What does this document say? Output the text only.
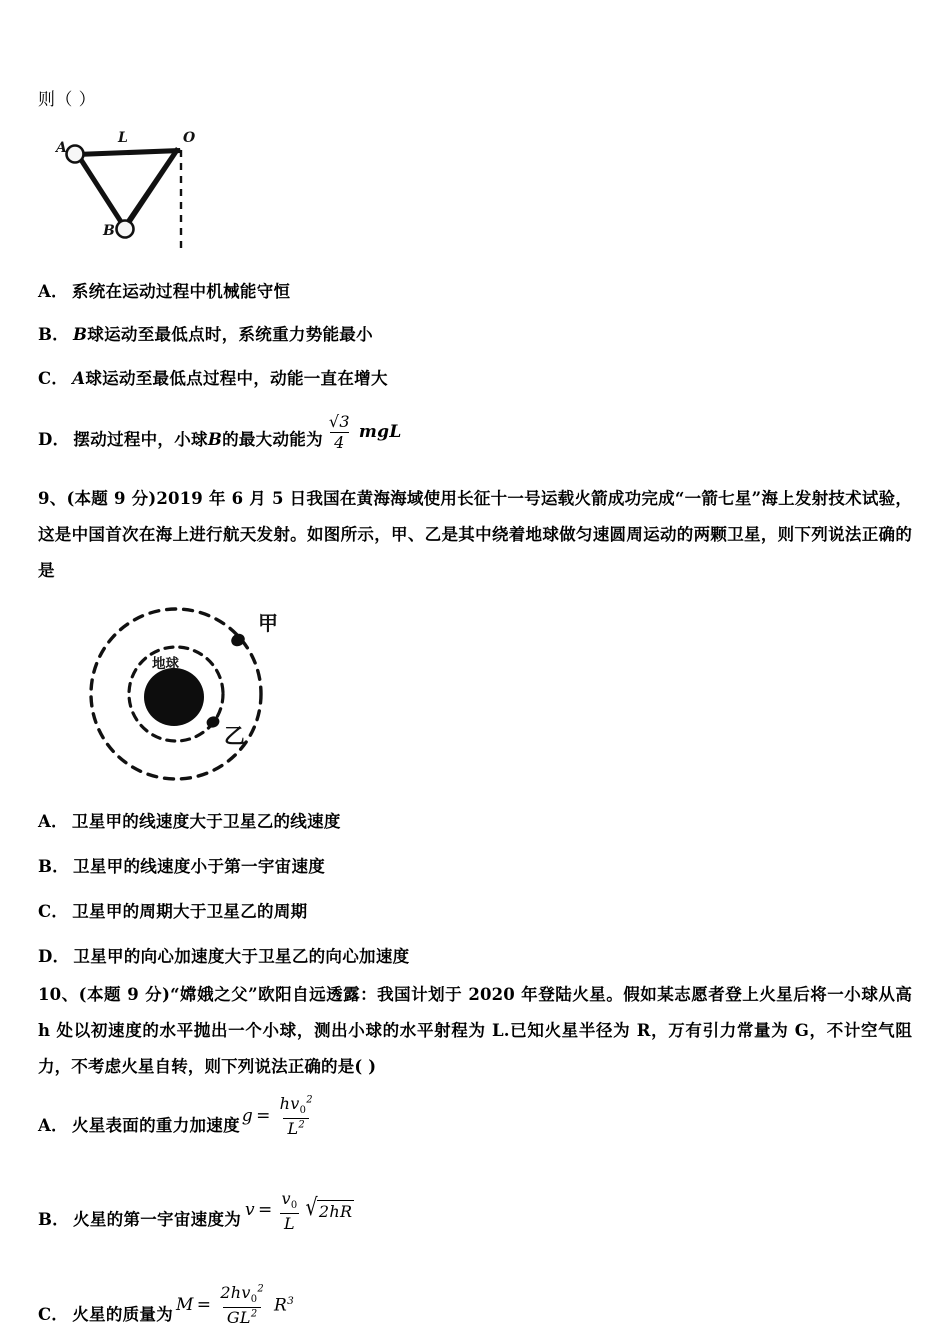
则（ ）

A
O
B
L

A． 系统在运动过程中机械能守恒

B． B 球运动至最低点时，系统重力势能最小

C． A 球运动至最低点过程中，动能一直在增大

D． 摆动过程中，小球 B 的最大动能为 $\frac{√3}{4}$ mgL

9、(本题 9 分)2019 年 6 月 5 日我国在黄海海域使用长征十一号运载火箭成功完成“一箭七星”海上发射技术试验，这是中国首次在海上进行航天发射。如图所示，甲、乙是其中绕着地球做匀速圆周运动的两颗卫星，则下列说法正确的是

地球
甲
乙

A． 卫星甲的线速度大于卫星乙的线速度

B． 卫星甲的线速度小于第一宇宙速度

C． 卫星甲的周期大于卫星乙的周期

D． 卫星甲的向心加速度大于卫星乙的向心加速度

10、(本题 9 分)“嫦娥之父”欧阳自远透露：我国计划于 2020 年登陆火星。假如某志愿者登上火星后将一小球从高 h 处以初速度的水平抛出一个小球，测出小球的水平射程为 L.已知火星半径为 R，万有引力常量为 G，不计空气阻力，不考虑火星自转，则下列说法正确的是( )

A． 火星表面的重力加速度 $g = \frac{hv_0^2}{L^2}$

B． 火星的第一宇宙速度为 $v = \frac{v_0}{L}$ √ 2hR

C． 火星的质量为 $M = \frac{2hv_0^2}{GL^2} R^3$
